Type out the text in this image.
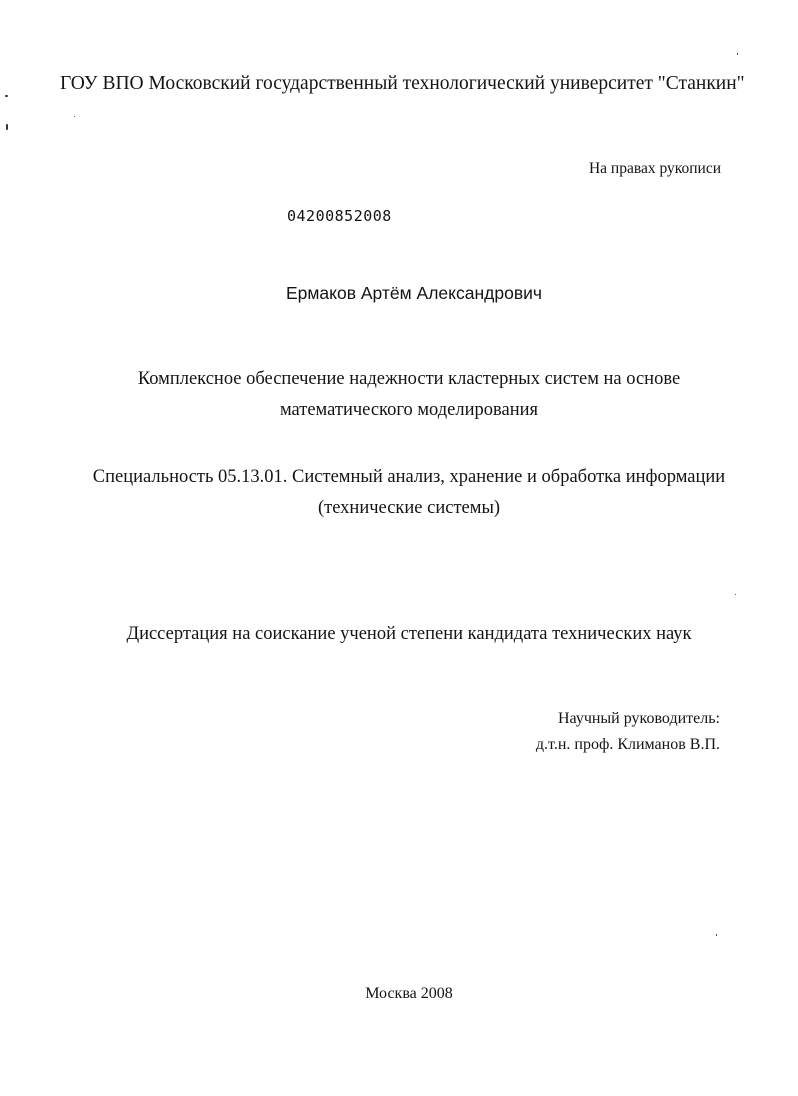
ГОУ ВПО Московский государственный технологический университет "Станкин"
На правах рукописи
04200852008
Ермаков Артём Александрович
Комплексное обеспечение надежности кластерных систем на основе
математического моделирования
Специальность 05.13.01. Системный анализ, хранение и обработка информации
(технические системы)
Диссертация на соискание ученой степени кандидата технических наук
Научный руководитель:
д.т.н. проф. Климанов В.П.
Москва 2008
